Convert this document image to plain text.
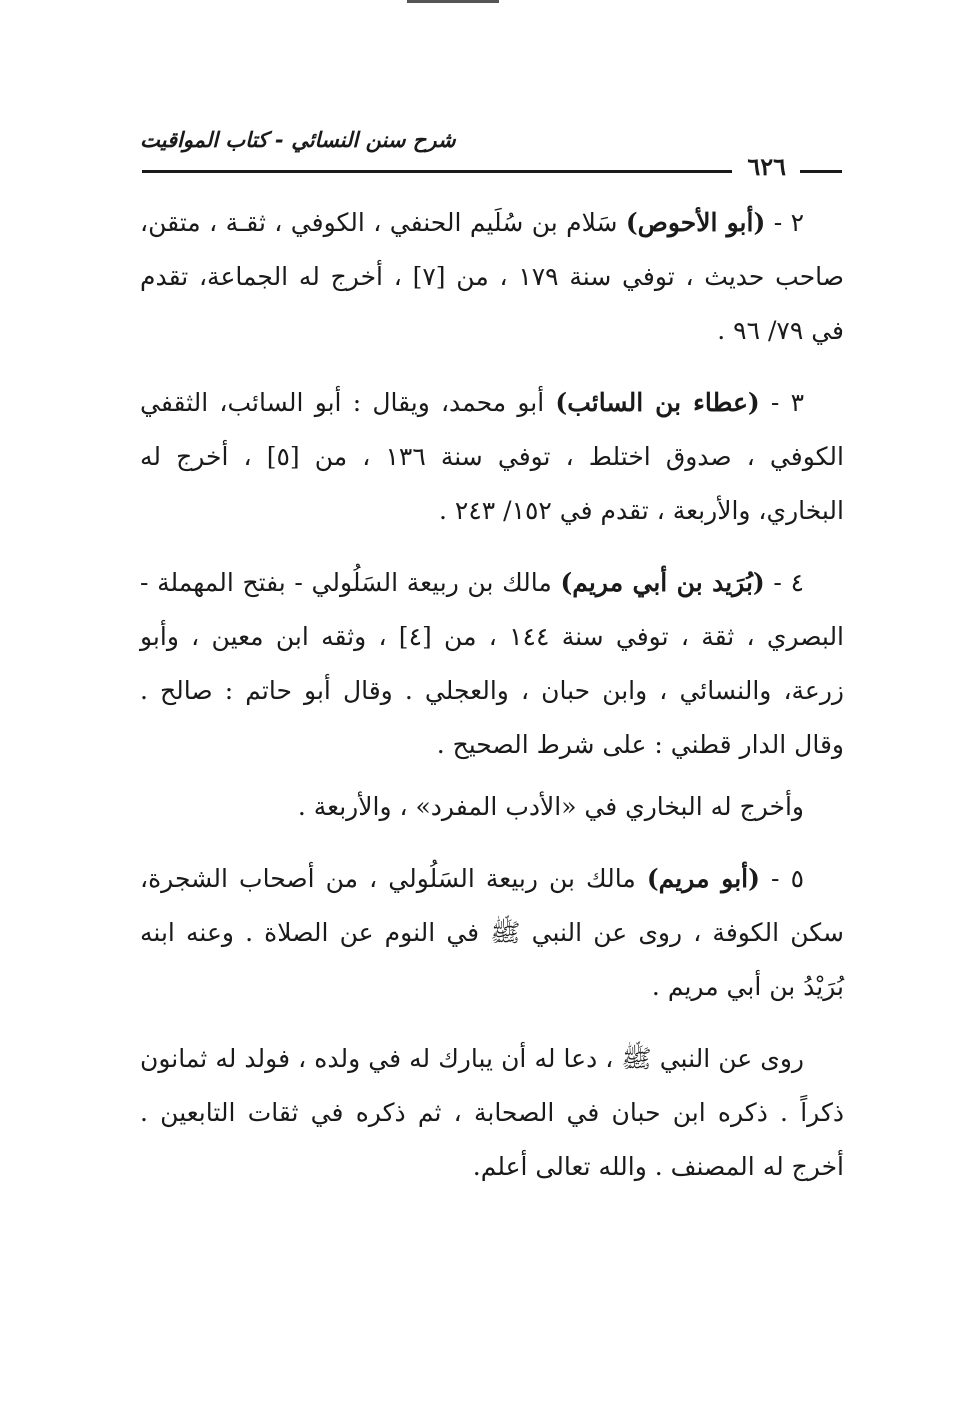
شرح سنن النسائي - كتاب المواقيت
٦٢٦

٢ - (أبو الأحوص) سَلام بن سُلَيم الحنفي ، الكوفي ، ثقـة ، متقن، صاحب حديث ، توفي سنة ١٧٩ ، من [٧] ، أخرج له الجماعة، تقدم في ٧٩/ ٩٦ .

٣ - (عطاء بن السائب) أبو محمد، ويقال : أبو السائب، الثقفي الكوفي ، صدوق اختلط ، توفي سنة ١٣٦ ، من [٥] ، أخرج له البخاري، والأربعة ، تقدم في ١٥٢/ ٢٤٣ .

٤ - (بُرَيد بن أبي مريم) مالك بن ربيعة السَلُولي - بفتح المهملة - البصري ، ثقة ، توفي سنة ١٤٤ ، من [٤] ، وثقه ابن معين ، وأبو زرعة، والنسائي ، وابن حبان ، والعجلي . وقال أبو حاتم : صالح . وقال الدار قطني : على شرط الصحيح .

وأخرج له البخاري في «الأدب المفرد» ، والأربعة .

٥ - (أبو مريم) مالك بن ربيعة السَلُولي ، من أصحاب الشجرة، سكن الكوفة ، روى عن النبي ﷺ في النوم عن الصلاة . وعنه ابنه بُرَيْدُ بن أبي مريم .

روى عن النبي ﷺ ، دعا له أن يبارك له في ولده ، فولد له ثمانون ذكراً . ذكره ابن حبان في الصحابة ، ثم ذكره في ثقات التابعين . أخرج له المصنف . والله تعالى أعلم.
